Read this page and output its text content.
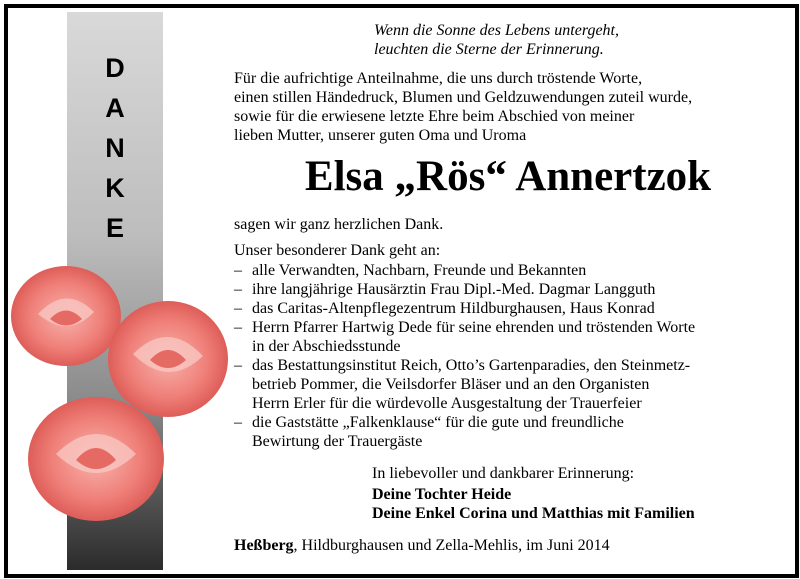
D
A
N
K
E
Wenn die Sonne des Lebens untergeht,
leuchten die Sterne der Erinnerung.
Für die aufrichtige Anteilnahme, die uns durch tröstende Worte,
einen stillen Händedruck, Blumen und Geldzuwendungen zuteil wurde,
sowie für die erwiesene letzte Ehre beim Abschied von meiner
lieben Mutter, unserer guten Oma und Uroma
Elsa „Rös“ Annertzok
sagen wir ganz herzlichen Dank.
Unser besonderer Dank geht an:
– alle Verwandten, Nachbarn, Freunde und Bekannten
– ihre langjährige Hausärztin Frau Dipl.-Med. Dagmar Langguth
– das Caritas-Altenpflegezentrum Hildburghausen, Haus Konrad
– Herrn Pfarrer Hartwig Dede für seine ehrenden und tröstenden Worte
in der Abschiedsstunde
– das Bestattungsinstitut Reich, Otto’s Gartenparadies, den Steinmetz-
betrieb Pommer, die Veilsdorfer Bläser und an den Organisten
Herrn Erler für die würdevolle Ausgestaltung der Trauerfeier
– die Gaststätte „Falkenklause“ für die gute und freundliche
Bewirtung der Trauergäste
In liebevoller und dankbarer Erinnerung:
Deine Tochter Heide
Deine Enkel Corina und Matthias mit Familien
Heßberg, Hildburghausen und Zella-Mehlis, im Juni 2014
